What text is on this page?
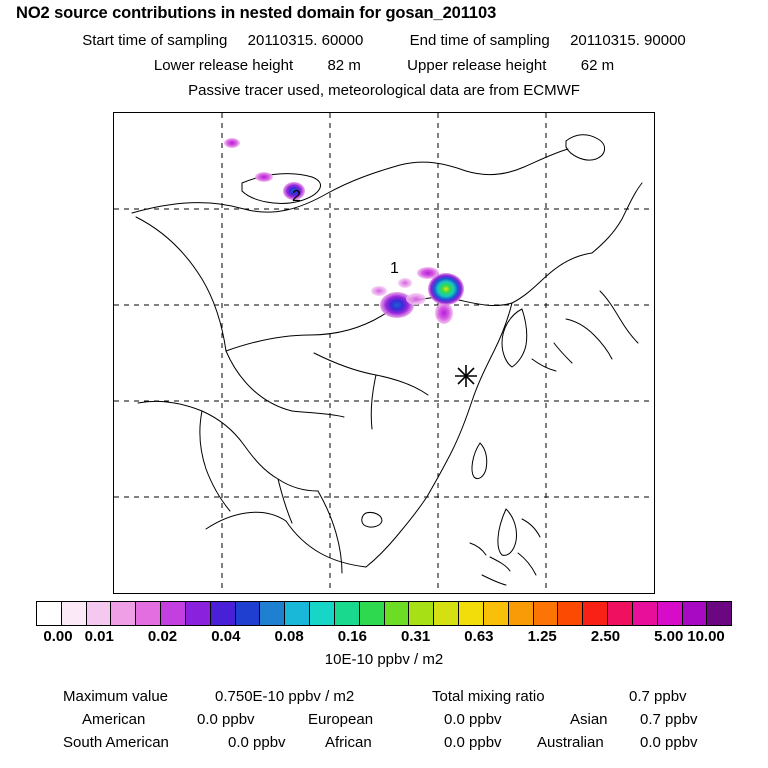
NO2 source contributions in nested domain for gosan_201103
Start time of sampling 20110315. 60000	End time of sampling 20110315. 90000
Lower release height 82 m	Upper release height 62 m
Passive tracer used, meteorological data are from ECMWF
1
2
0.00 0.01 0.02 0.04 0.08 0.16 0.31 0.63 1.25 2.50 5.00 10.00
10E-10 ppbv / m2
Maximum value	0.750E-10 ppbv / m2	Total mixing ratio	0.7 ppbv
American	0.0 ppbv	European	0.0 ppbv	Asian 0.7 ppbv
South American	0.0 ppbv	African	0.0 ppbv Australian 0.0 ppbv
